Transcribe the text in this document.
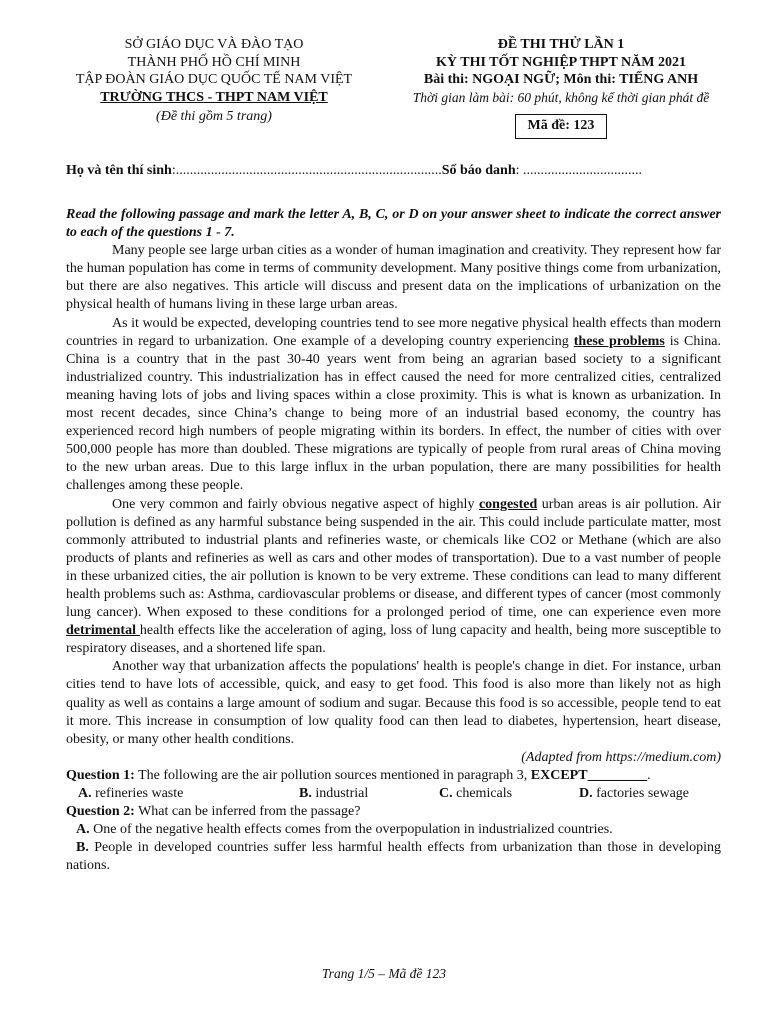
SỞ GIÁO DỤC VÀ ĐÀO TẠO
THÀNH PHỐ HỒ CHÍ MINH
TẬP ĐOÀN GIÁO DỤC QUỐC TẾ NAM VIỆT
TRƯỜNG THCS - THPT NAM VIỆT
(Đề thi gồm 5 trang)
ĐỀ THI THỬ LẦN 1
KỲ THI TỐT NGHIỆP THPT NĂM 2021
Bài thi: NGOẠI NGỮ; Môn thi: TIẾNG ANH
Thời gian làm bài: 60 phút, không kể thời gian phát đề
Mã đề: 123
Họ và tên thí sinh:............................................................................Số báo danh: ..................................

Read the following passage and mark the letter A, B, C, or D on your answer sheet to indicate the correct answer to each of the questions 1 - 7.

Many people see large urban cities as a wonder of human imagination and creativity. They represent how far the human population has come in terms of community development. Many positive things come from urbanization, but there are also negatives. This article will discuss and present data on the implications of urbanization on the physical health of humans living in these large urban areas.

As it would be expected, developing countries tend to see more negative physical health effects than modern countries in regard to urbanization. One example of a developing country experiencing these problems is China. China is a country that in the past 30-40 years went from being an agrarian based society to a significant industrialized country. This industrialization has in effect caused the need for more centralized cities, centralized meaning having lots of jobs and living spaces within a close proximity. This is what is known as urbanization. In most recent decades, since China’s change to being more of an industrial based economy, the country has experienced record high numbers of people migrating within its borders. In effect, the number of cities with over 500,000 people has more than doubled. These migrations are typically of people from rural areas of China moving to the new urban areas. Due to this large influx in the urban population, there are many possibilities for health challenges among these people.

One very common and fairly obvious negative aspect of highly congested urban areas is air pollution. Air pollution is defined as any harmful substance being suspended in the air. This could include particulate matter, most commonly attributed to industrial plants and refineries waste, or chemicals like CO2 or Methane (which are also products of plants and refineries as well as cars and other modes of transportation). Due to a vast number of people in these urbanized cities, the air pollution is known to be very extreme. These conditions can lead to many different health problems such as: Asthma, cardiovascular problems or disease, and different types of cancer (most commonly lung cancer). When exposed to these conditions for a prolonged period of time, one can experience even more detrimental health effects like the acceleration of aging, loss of lung capacity and health, being more susceptible to respiratory diseases, and a shortened life span.

Another way that urbanization affects the populations' health is people's change in diet. For instance, urban cities tend to have lots of accessible, quick, and easy to get food. This food is also more than likely not as high quality as well as contains a large amount of sodium and sugar. Because this food is so accessible, people tend to eat it more. This increase in consumption of low quality food can then lead to diabetes, hypertension, heart disease, obesity, or many other health conditions.

(Adapted from https://medium.com)

Question 1: The following are the air pollution sources mentioned in paragraph 3, EXCEPT ________.

A. refineries waste	B. industrial	C. chemicals	D. factories sewage

Question 2: What can be inferred from the passage?

A. One of the negative health effects comes from the overpopulation in industrialized countries.

B. People in developed countries suffer less harmful health effects from urbanization than those in developing nations.

Trang 1/5 – Mã đề 123
